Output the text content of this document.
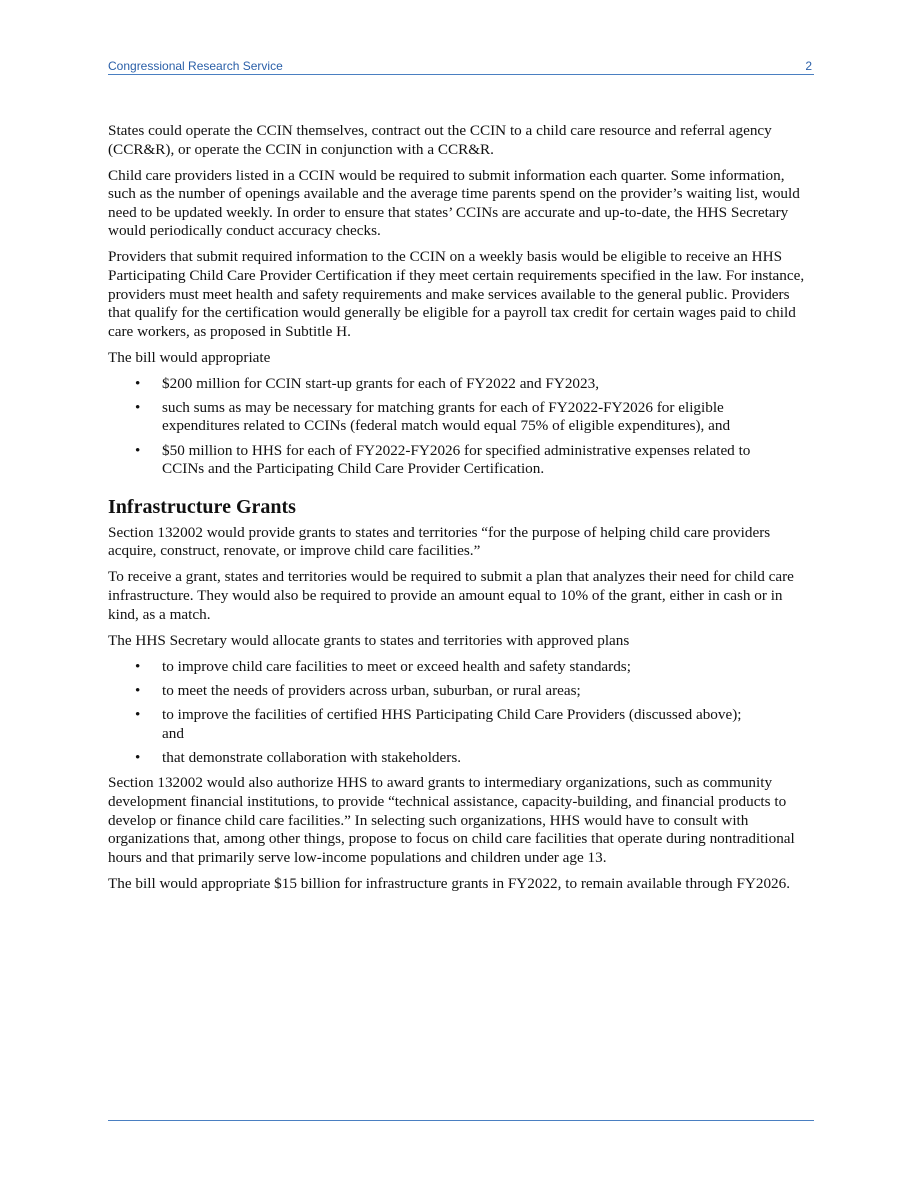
Congressional Research Service	2

States could operate the CCIN themselves, contract out the CCIN to a child care resource and referral agency (CCR&R), or operate the CCIN in conjunction with a CCR&R.

Child care providers listed in a CCIN would be required to submit information each quarter. Some information, such as the number of openings available and the average time parents spend on the provider’s waiting list, would need to be updated weekly. In order to ensure that states’ CCINs are accurate and up-to-date, the HHS Secretary would periodically conduct accuracy checks.

Providers that submit required information to the CCIN on a weekly basis would be eligible to receive an HHS Participating Child Care Provider Certification if they meet certain requirements specified in the law. For instance, providers must meet health and safety requirements and make services available to the general public. Providers that qualify for the certification would generally be eligible for a payroll tax credit for certain wages paid to child care workers, as proposed in Subtitle H.

The bill would appropriate

• $200 million for CCIN start-up grants for each of FY2022 and FY2023,
• such sums as may be necessary for matching grants for each of FY2022-FY2026 for eligible expenditures related to CCINs (federal match would equal 75% of eligible expenditures), and
• $50 million to HHS for each of FY2022-FY2026 for specified administrative expenses related to CCINs and the Participating Child Care Provider Certification.
Infrastructure Grants

Section 132002 would provide grants to states and territories “for the purpose of helping child care providers acquire, construct, renovate, or improve child care facilities.”

To receive a grant, states and territories would be required to submit a plan that analyzes their need for child care infrastructure. They would also be required to provide an amount equal to 10% of the grant, either in cash or in kind, as a match.

The HHS Secretary would allocate grants to states and territories with approved plans

• to improve child care facilities to meet or exceed health and safety standards;
• to meet the needs of providers across urban, suburban, or rural areas;
• to improve the facilities of certified HHS Participating Child Care Providers (discussed above); and
• that demonstrate collaboration with stakeholders.

Section 132002 would also authorize HHS to award grants to intermediary organizations, such as community development financial institutions, to provide “technical assistance, capacity-building, and financial products to develop or finance child care facilities.” In selecting such organizations, HHS would have to consult with organizations that, among other things, propose to focus on child care facilities that operate during nontraditional hours and that primarily serve low-income populations and children under age 13.

The bill would appropriate $15 billion for infrastructure grants in FY2022, to remain available through FY2026.
